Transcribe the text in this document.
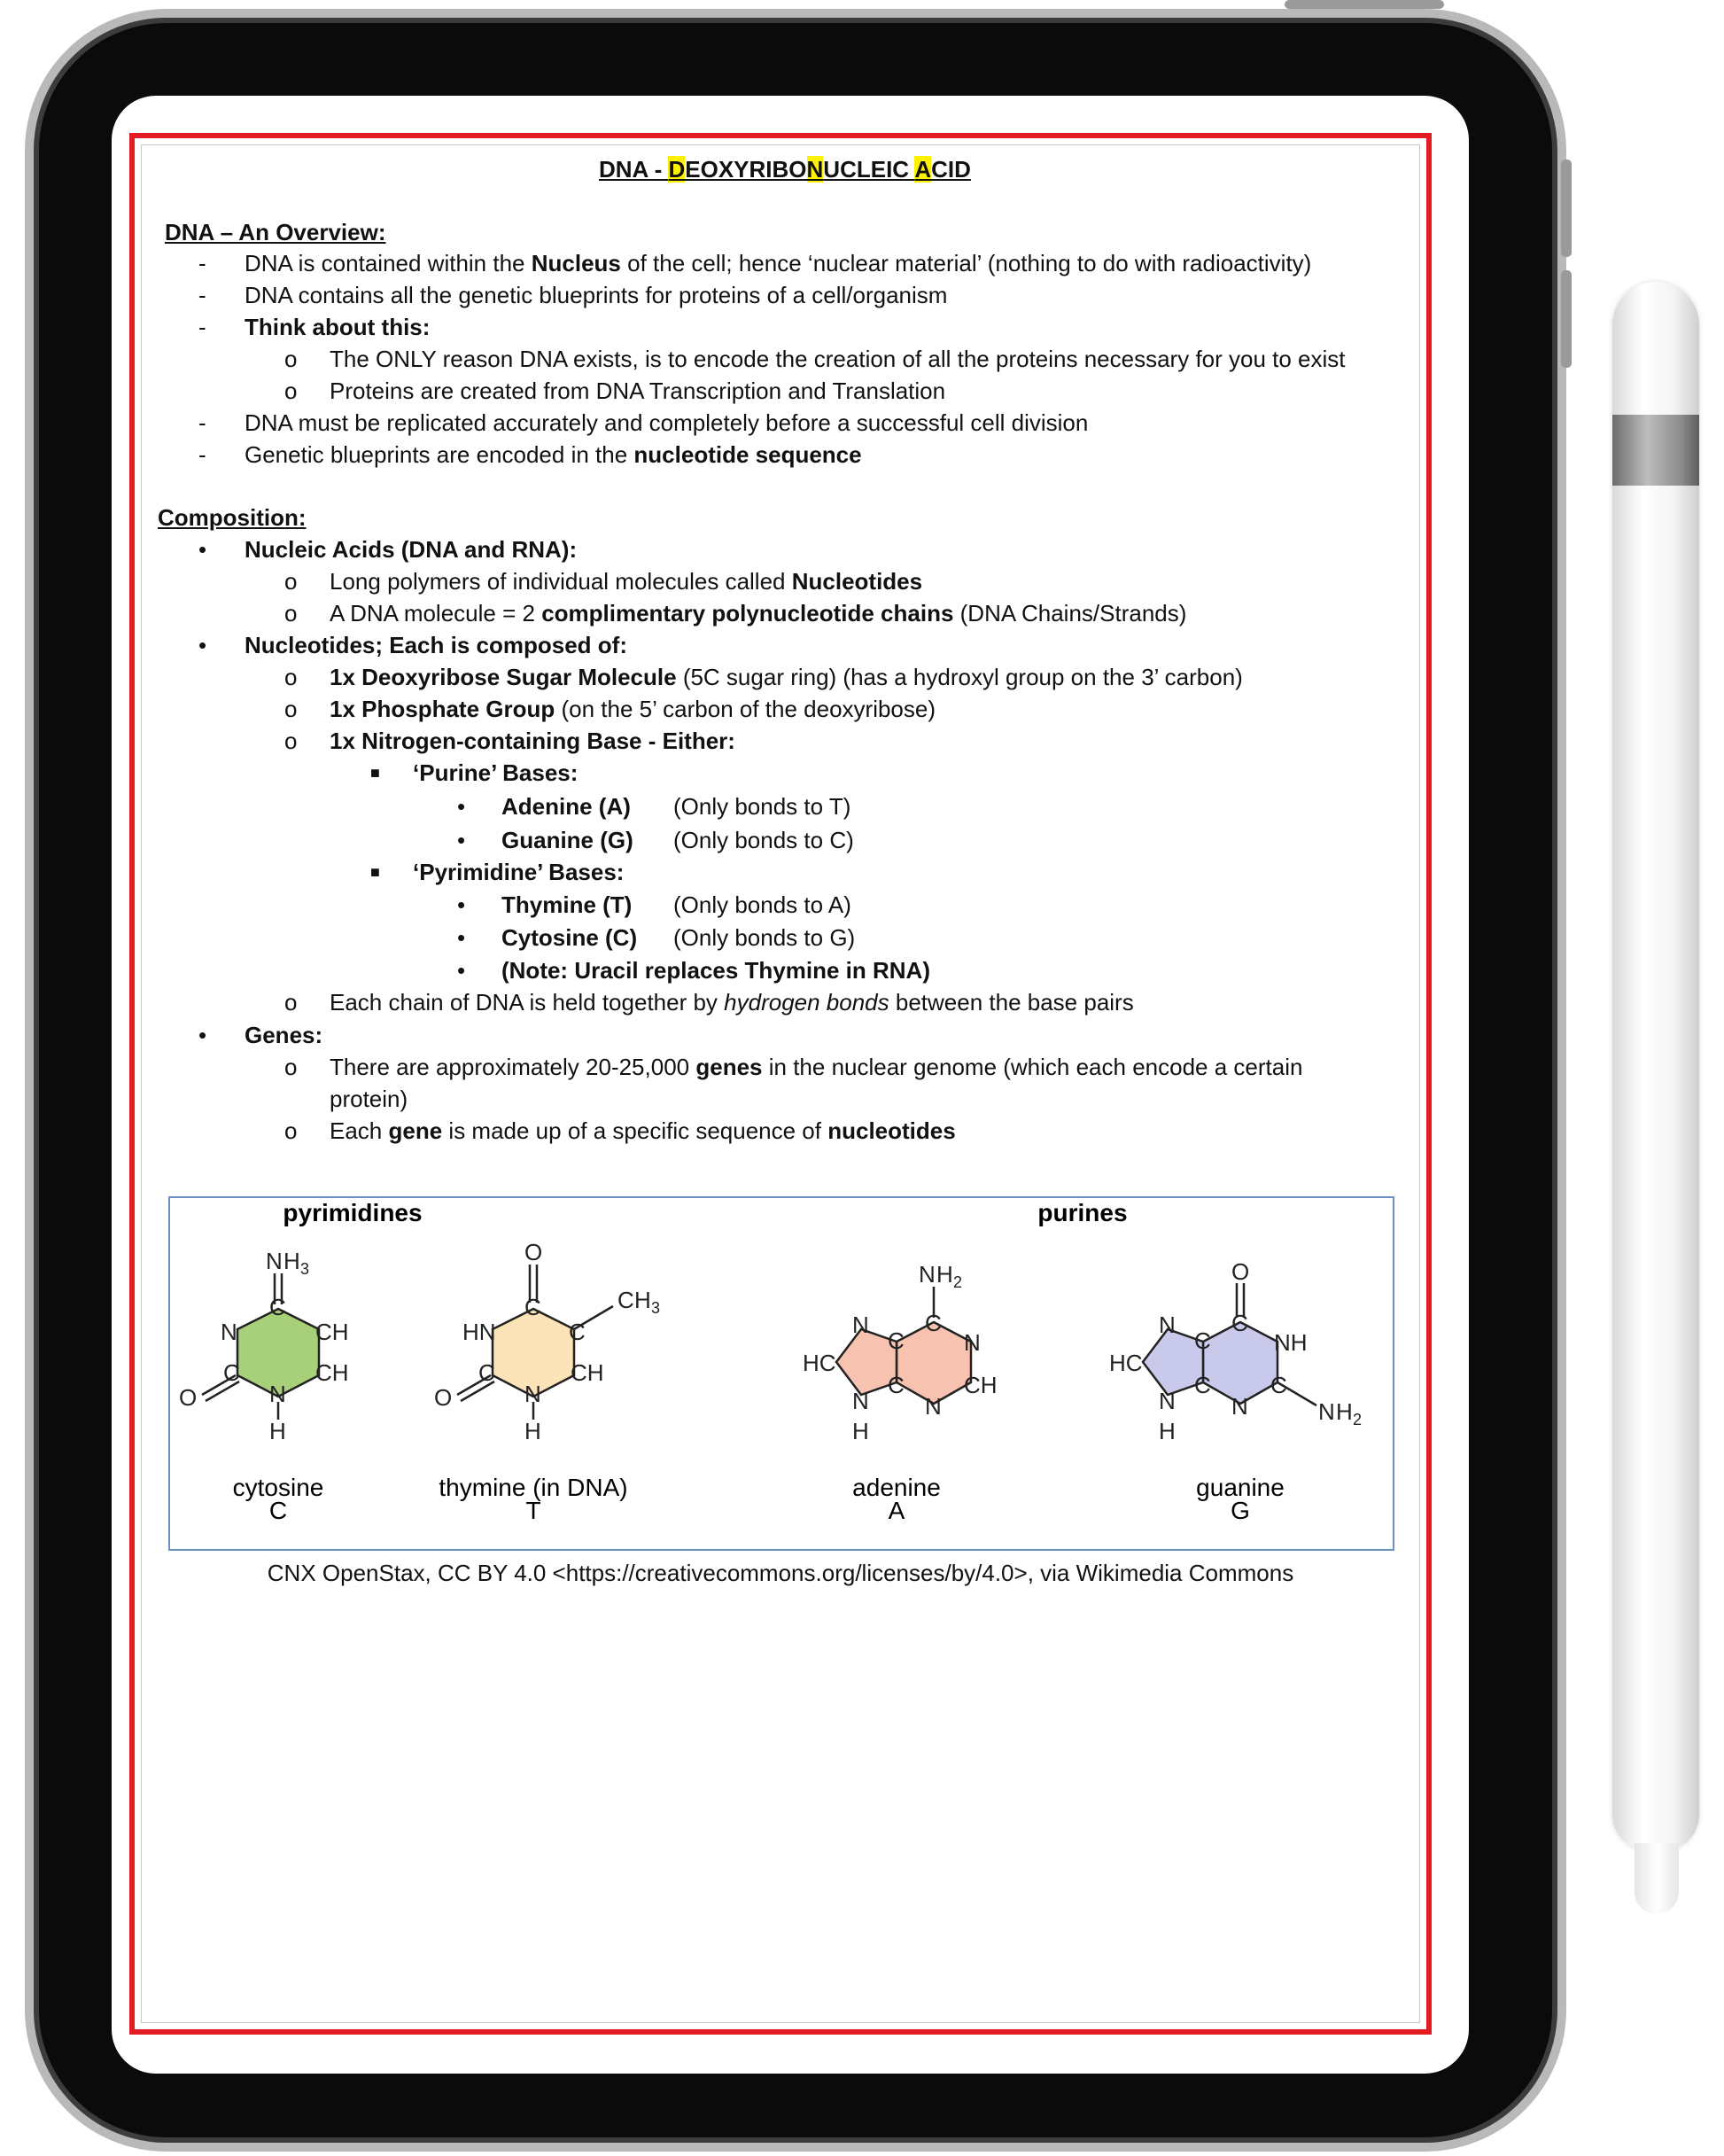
DNA - DEOXYRIBONUCLEIC ACID
DNA – An Overview:
- DNA is contained within the Nucleus of the cell; hence ‘nuclear material’ (nothing to do with radioactivity)
- DNA contains all the genetic blueprints for proteins of a cell/organism
- Think about this:
o The ONLY reason DNA exists, is to encode the creation of all the proteins necessary for you to exist
o Proteins are created from DNA Transcription and Translation
- DNA must be replicated accurately and completely before a successful cell division
- Genetic blueprints are encoded in the nucleotide sequence
Composition:
• Nucleic Acids (DNA and RNA):
o Long polymers of individual molecules called Nucleotides
o A DNA molecule = 2 complimentary polynucleotide chains (DNA Chains/Strands)
• Nucleotides; Each is composed of:
o 1x Deoxyribose Sugar Molecule (5C sugar ring) (has a hydroxyl group on the 3’ carbon)
o 1x Phosphate Group (on the 5’ carbon of the deoxyribose)
o 1x Nitrogen-containing Base - Either:
■ ‘Purine’ Bases:
• Adenine (A) (Only bonds to T)
• Guanine (G) (Only bonds to C)
■ ‘Pyrimidine’ Bases:
• Thymine (T) (Only bonds to A)
• Cytosine (C) (Only bonds to G)
• (Note: Uracil replaces Thymine in RNA)
o Each chain of DNA is held together by hydrogen bonds between the base pairs
• Genes:
o There are approximately 20-25,000 genes in the nuclear genome (which each encode a certain
protein)
o Each gene is made up of a specific sequence of nucleotides
pyrimidines	purines
N H 3
C
N	CH
CH
C
O	N
H
cytosine
C
O
C
HN	C
C H 3
CH
C
O	N
H
thymine (in DNA)
T
N H 2
C
N
CH
N
C
C
N
HC
N
H
adenine
A
O
C
NH
C
N H 2
N
C
C
N
HC
N
H
guanine
G
CNX OpenStax, CC BY 4.0 <https://creativecommons.org/licenses/by/4.0>, via Wikimedia Commons
